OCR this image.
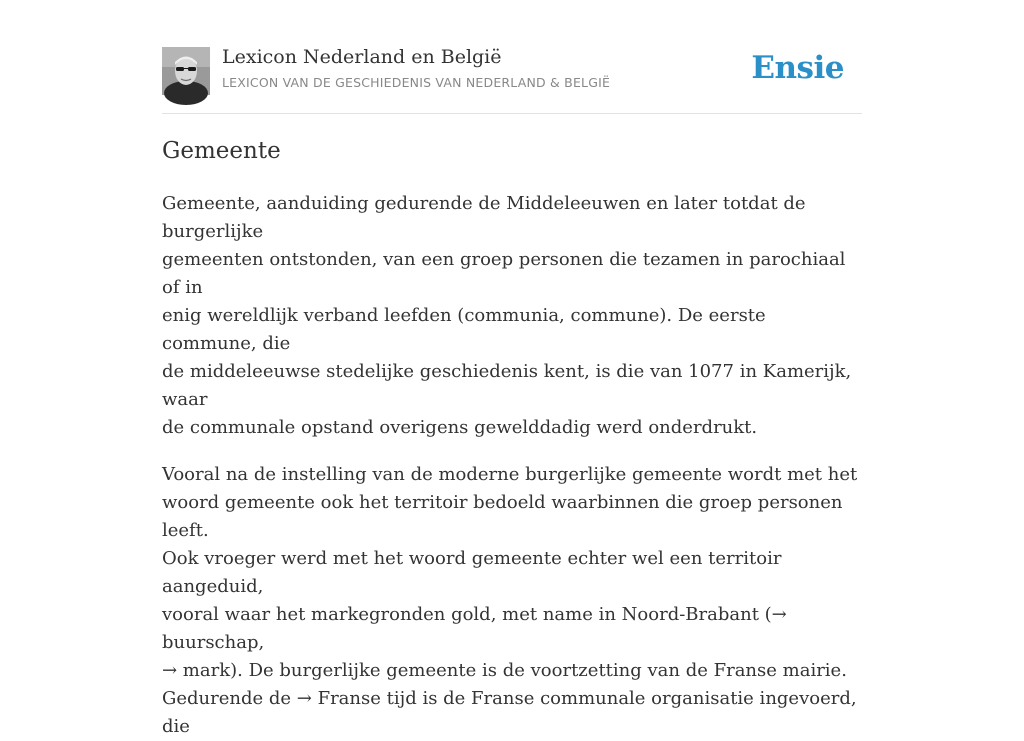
Lexicon Nederland en België
LEXICON VAN DE GESCHIEDENIS VAN NEDERLAND & BELGIË	Ensie
Gemeente

Gemeente, aanduiding gedurende de Middeleeuwen en later totdat de burgerlijke
gemeenten ontstonden, van een groep personen die tezamen in parochiaal of in
enig wereldlijk verband leefden (communia, commune). De eerste commune, die
de middeleeuwse stedelijke geschiedenis kent, is die van 1077 in Kamerijk, waar
de communale opstand overigens gewelddadig werd onderdrukt.

Vooral na de instelling van de moderne burgerlijke gemeente wordt met het
woord gemeente ook het territoir bedoeld waarbinnen die groep personen leeft.
Ook vroeger werd met het woord gemeente echter wel een territoir aangeduid,
vooral waar het markegronden gold, met name in Noord-Brabant (→ buurschap,
→ mark). De burgerlijke gemeente is de voortzetting van de Franse mairie.
Gedurende de → Franse tijd is de Franse communale organisatie ingevoerd, die
